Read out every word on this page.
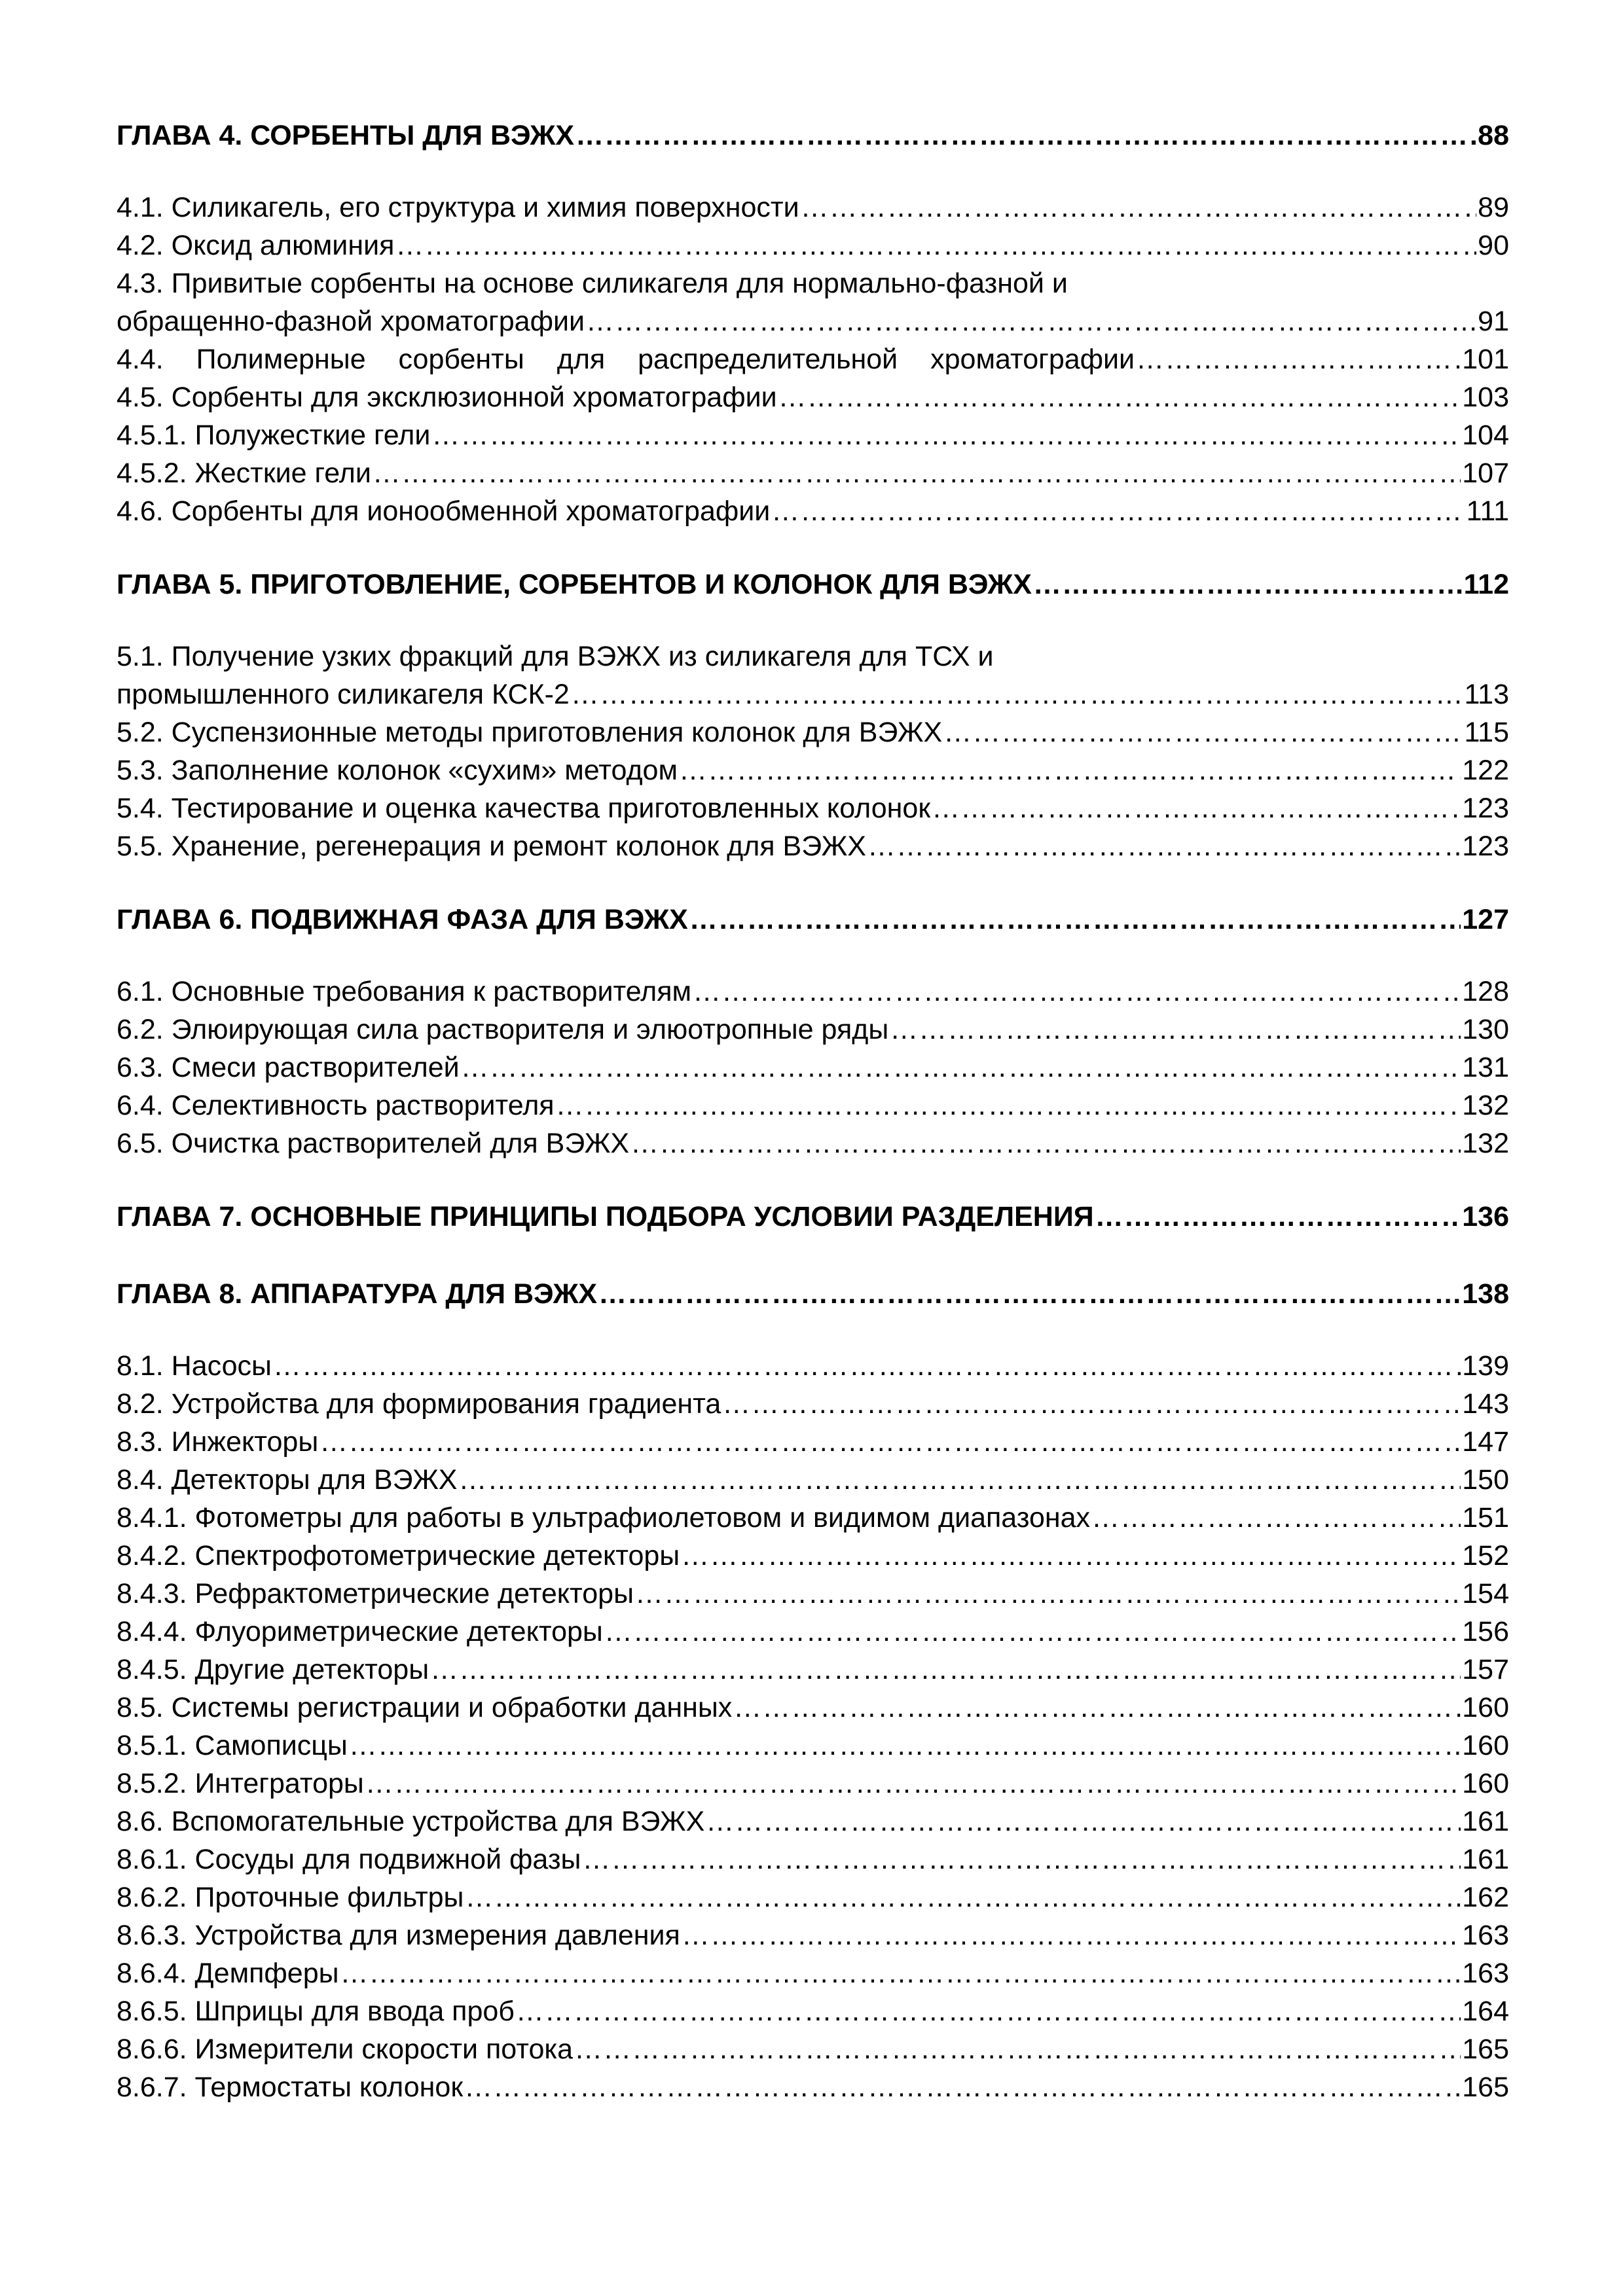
ГЛАВА 4. СОРБЕНТЫ ДЛЯ ВЭЖХ ………………………………………………………………………………………………………………………………………………………………………………………………………………………………	88
4.1. Силикагель, его структура и химия поверхности ………………………………………………………………………………………………………………………………………………………………………………………………………………………………	89
4.2. Оксид алюминия ………………………………………………………………………………………………………………………………………………………………………………………………………………………………	90
4.3. Привитые сорбенты на основе силикагеля для нормально-фазной и
обращенно-фазной хроматографии ………………………………………………………………………………………………………………………………………………………………………………………………………………………………	91
4.4. Полимерные сорбенты для распределительной хроматографии ………………………………………………………………………………………………………………………………………………………………………………………………………………………………	101
4.5. Сорбенты для эксклюзионной хроматографии ………………………………………………………………………………………………………………………………………………………………………………………………………………………………	103
4.5.1. Полужесткие гели ………………………………………………………………………………………………………………………………………………………………………………………………………………………………	104
4.5.2. Жесткие гели ………………………………………………………………………………………………………………………………………………………………………………………………………………………………	107
4.6. Сорбенты для ионообменной хроматографии ………………………………………………………………………………………………………………………………………………………………………………………………………………………………	111
ГЛАВА 5. ПРИГОТОВЛЕНИЕ, СОРБЕНТОВ И КОЛОНОК ДЛЯ ВЭЖХ ………………………………………………………………………………………………………………………………………………………………………………………………………………………………	112
5.1. Получение узких фракций для ВЭЖХ из силикагеля для ТСХ и
промышленного силикагеля КСК-2 ………………………………………………………………………………………………………………………………………………………………………………………………………………………………	113
5.2. Суспензионные методы приготовления колонок для ВЭЖХ ………………………………………………………………………………………………………………………………………………………………………………………………………………………………	115
5.3. Заполнение колонок «сухим» методом ………………………………………………………………………………………………………………………………………………………………………………………………………………………………	122
5.4. Тестирование и оценка качества приготовленных колонок ………………………………………………………………………………………………………………………………………………………………………………………………………………………………	123
5.5. Хранение, регенерация и ремонт колонок для ВЭЖХ ………………………………………………………………………………………………………………………………………………………………………………………………………………………………	123
ГЛАВА 6. ПОДВИЖНАЯ ФАЗА ДЛЯ ВЭЖХ ………………………………………………………………………………………………………………………………………………………………………………………………………………………………	127
6.1. Основные требования к растворителям ………………………………………………………………………………………………………………………………………………………………………………………………………………………………	128
6.2. Элюирующая сила растворителя и элюотропные ряды ………………………………………………………………………………………………………………………………………………………………………………………………………………………………	130
6.3. Смеси растворителей ………………………………………………………………………………………………………………………………………………………………………………………………………………………………	131
6.4. Селективность растворителя ………………………………………………………………………………………………………………………………………………………………………………………………………………………………	132
6.5. Очистка растворителей для ВЭЖХ ………………………………………………………………………………………………………………………………………………………………………………………………………………………………	132
ГЛАВА 7. ОСНОВНЫЕ ПРИНЦИПЫ ПОДБОРА УСЛОВИИ РАЗДЕЛЕНИЯ ………………………………………………………………………………………………………………………………………………………………………………………………………………………………	136
ГЛАВА 8. АППАРАТУРА ДЛЯ ВЭЖХ ………………………………………………………………………………………………………………………………………………………………………………………………………………………………	138
8.1. Насосы ………………………………………………………………………………………………………………………………………………………………………………………………………………………………	139
8.2. Устройства для формирования градиента ………………………………………………………………………………………………………………………………………………………………………………………………………………………………	143
8.3. Инжекторы ………………………………………………………………………………………………………………………………………………………………………………………………………………………………	147
8.4. Детекторы для ВЭЖХ ………………………………………………………………………………………………………………………………………………………………………………………………………………………………	150
8.4.1. Фотометры для работы в ультрафиолетовом и видимом диапазонах ………………………………………………………………………………………………………………………………………………………………………………………………………………………………	151
8.4.2. Спектрофотометрические детекторы ………………………………………………………………………………………………………………………………………………………………………………………………………………………………	152
8.4.3. Рефрактометрические детекторы ………………………………………………………………………………………………………………………………………………………………………………………………………………………………	154
8.4.4. Флуориметрические детекторы ………………………………………………………………………………………………………………………………………………………………………………………………………………………………	156
8.4.5. Другие детекторы ………………………………………………………………………………………………………………………………………………………………………………………………………………………………	157
8.5. Системы регистрации и обработки данных ………………………………………………………………………………………………………………………………………………………………………………………………………………………………	160
8.5.1. Самописцы ………………………………………………………………………………………………………………………………………………………………………………………………………………………………	160
8.5.2. Интеграторы ………………………………………………………………………………………………………………………………………………………………………………………………………………………………	160
8.6. Вспомогательные устройства для ВЭЖХ ………………………………………………………………………………………………………………………………………………………………………………………………………………………………	161
8.6.1. Сосуды для подвижной фазы ………………………………………………………………………………………………………………………………………………………………………………………………………………………………	161
8.6.2. Проточные фильтры ………………………………………………………………………………………………………………………………………………………………………………………………………………………………	162
8.6.3. Устройства для измерения давления ………………………………………………………………………………………………………………………………………………………………………………………………………………………………	163
8.6.4. Демпферы ………………………………………………………………………………………………………………………………………………………………………………………………………………………………	163
8.6.5. Шприцы для ввода проб ………………………………………………………………………………………………………………………………………………………………………………………………………………………………	164
8.6.6. Измерители скорости потока ………………………………………………………………………………………………………………………………………………………………………………………………………………………………	165
8.6.7. Термостаты колонок ………………………………………………………………………………………………………………………………………………………………………………………………………………………………	165
